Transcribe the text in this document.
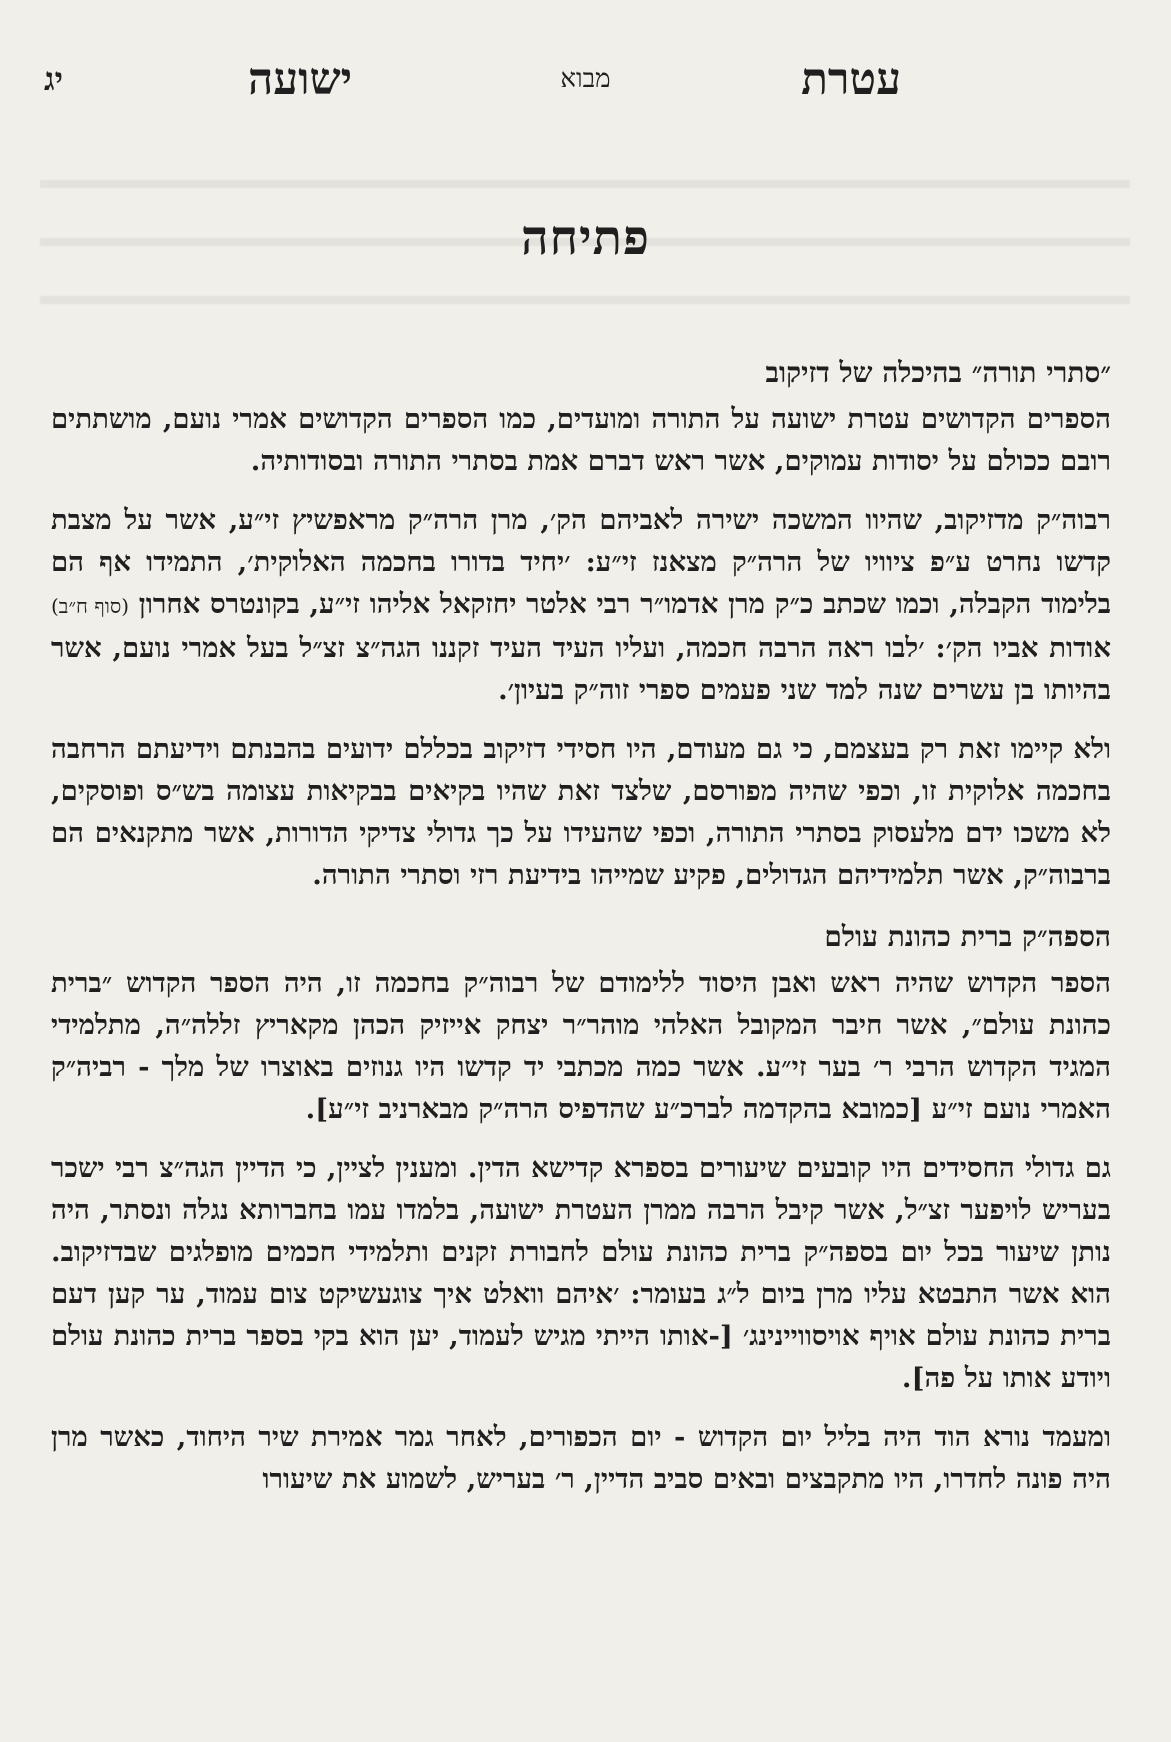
עטרת
מבוא
ישועה
יג
פתיחה
״סתרי תורה״ בהיכלה של דזיקוב

הספרים הקדושים עטרת ישועה על התורה ומועדים, כמו הספרים הקדושים אמרי נועם, מושתתים רובם ככולם על יסודות עמוקים, אשר ראש דברם אמת בסתרי התורה ובסודותיה.

רבוה״ק מדזיקוב, שהיוו המשכה ישירה לאביהם הק׳, מרן הרה״ק מראפשיץ זי״ע, אשר על מצבת קדשו נחרט ע״פ ציוויו של הרה״ק מצאנז זי״ע: ׳יחיד בדורו בחכמה האלוקית׳, התמידו אף הם בלימוד הקבלה, וכמו שכתב כ״ק מרן אדמו״ר רבי אלטר יחזקאל אליהו זי״ע, בקונטרס אחרון (סוף ח״ב) אודות אביו הק׳: ׳לבו ראה הרבה חכמה, ועליו העיד העיד זקננו הגה״צ זצ״ל בעל אמרי נועם, אשר בהיותו בן עשרים שנה למד שני פעמים ספרי זוה״ק בעיון׳.

ולא קיימו זאת רק בעצמם, כי גם מעודם, היו חסידי דזיקוב בכללם ידועים בהבנתם וידיעתם הרחבה בחכמה אלוקית זו, וכפי שהיה מפורסם, שלצד זאת שהיו בקיאים בבקיאות עצומה בש״ס ופוסקים, לא משכו ידם מלעסוק בסתרי התורה, וכפי שהעידו על כך גדולי צדיקי הדורות, אשר מתקנאים הם ברבוה״ק, אשר תלמידיהם הגדולים, פקיע שמייהו בידיעת רזי וסתרי התורה.

הספה״ק ברית כהונת עולם

הספר הקדוש שהיה ראש ואבן היסוד ללימודם של רבוה״ק בחכמה זו, היה הספר הקדוש ״ברית כהונת עולם״, אשר חיבר המקובל האלהי מוהר״ר יצחק אייזיק הכהן מקאריץ זללה״ה, מתלמידי המגיד הקדוש הרבי ר׳ בער זי״ע. אשר כמה מכתבי יד קדשו היו גנוזים באוצרו של מלך - רביה״ק האמרי נועם זי״ע [כמובא בהקדמה לברכ״ע שהדפיס הרה״ק מבארניב זי״ע].

גם גדולי החסידים היו קובעים שיעורים בספרא קדישא הדין. ומענין לציין, כי הדיין הגה״צ רבי ישכר בעריש לויפער זצ״ל, אשר קיבל הרבה ממרן העטרת ישועה, בלמדו עמו בחברותא נגלה ונסתר, היה נותן שיעור בכל יום בספה״ק ברית כהונת עולם לחבורת זקנים ותלמידי חכמים מופלגים שבדזיקוב. הוא אשר התבטא עליו מרן ביום ל״ג בעומר: ׳איהם וואלט איך צוגעשיקט צום עמוד, ער קען דעם ברית כהונת עולם אויף אויסוויינינג׳ [-אותו הייתי מגיש לעמוד, יען הוא בקי בספר ברית כהונת עולם ויודע אותו על פה].

ומעמד נורא הוד היה בליל יום הקדוש - יום הכפורים, לאחר גמר אמירת שיר היחוד, כאשר מרן היה פונה לחדרו, היו מתקבצים ובאים סביב הדיין, ר׳ בעריש, לשמוע את שיעורו
